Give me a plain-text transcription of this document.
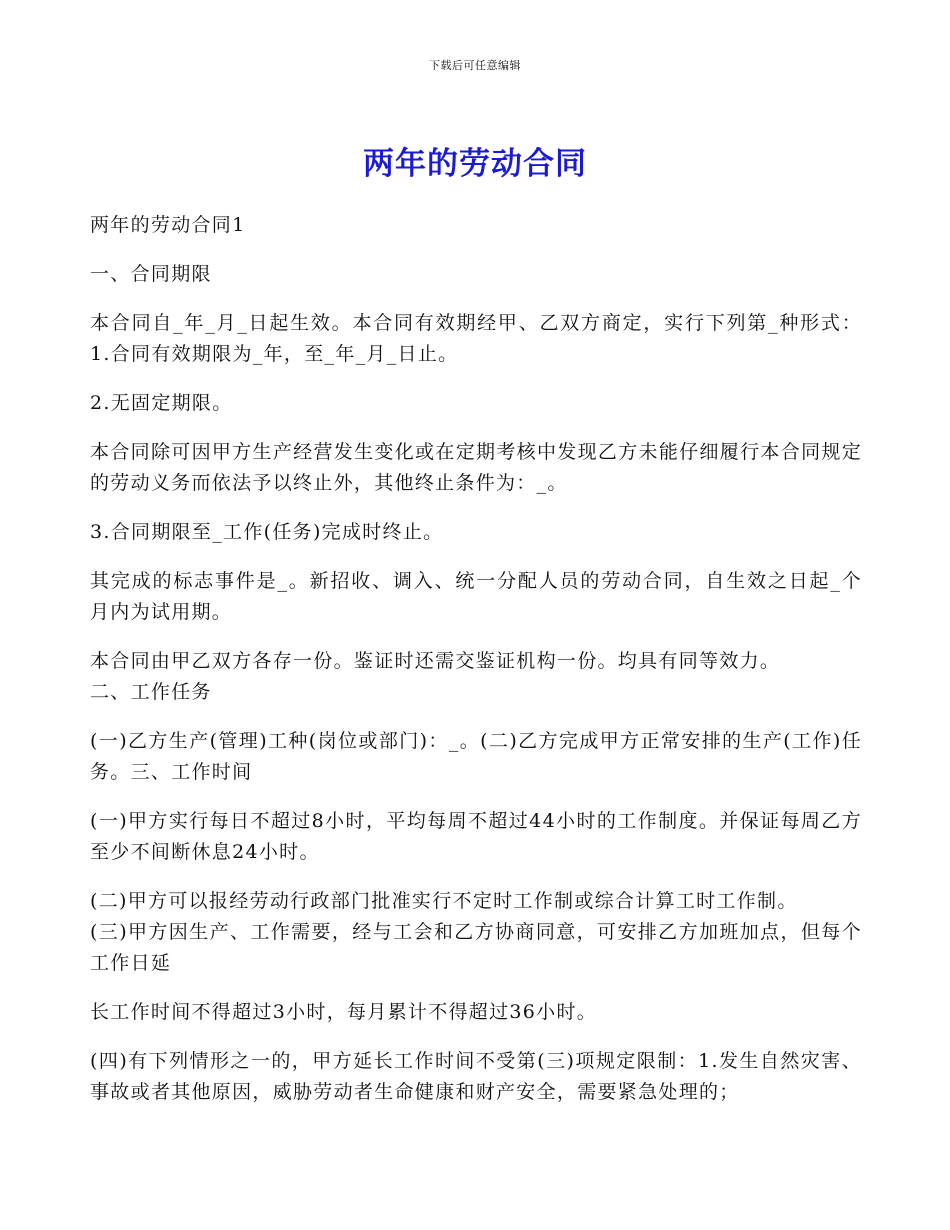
下载后可任意编辑
两年的劳动合同

两年的劳动合同1

一、合同期限

本合同自_年_月_日起生效。本合同有效期经甲、乙双方商定，实行下列第_种形式：1.合同有效期限为_年，至_年_月_日止。

2.无固定期限。

本合同除可因甲方生产经营发生变化或在定期考核中发现乙方未能仔细履行本合同规定的劳动义务而依法予以终止外，其他终止条件为：_。

3.合同期限至_工作(任务)完成时终止。

其完成的标志事件是_。新招收、调入、统一分配人员的劳动合同，自生效之日起_个月内为试用期。

本合同由甲乙双方各存一份。鉴证时还需交鉴证机构一份。均具有同等效力。

二、工作任务

(一)乙方生产(管理)工种(岗位或部门)：_。(二)乙方完成甲方正常安排的生产(工作)任务。三、工作时间

(一)甲方实行每日不超过8小时，平均每周不超过44小时的工作制度。并保证每周乙方至少不间断休息24小时。

(二)甲方可以报经劳动行政部门批准实行不定时工作制或综合计算工时工作制。

(三)甲方因生产、工作需要，经与工会和乙方协商同意，可安排乙方加班加点，但每个工作日延

长工作时间不得超过3小时，每月累计不得超过36小时。

(四)有下列情形之一的，甲方延长工作时间不受第(三)项规定限制：1.发生自然灾害、事故或者其他原因，威胁劳动者生命健康和财产安全，需要紧急处理的；
